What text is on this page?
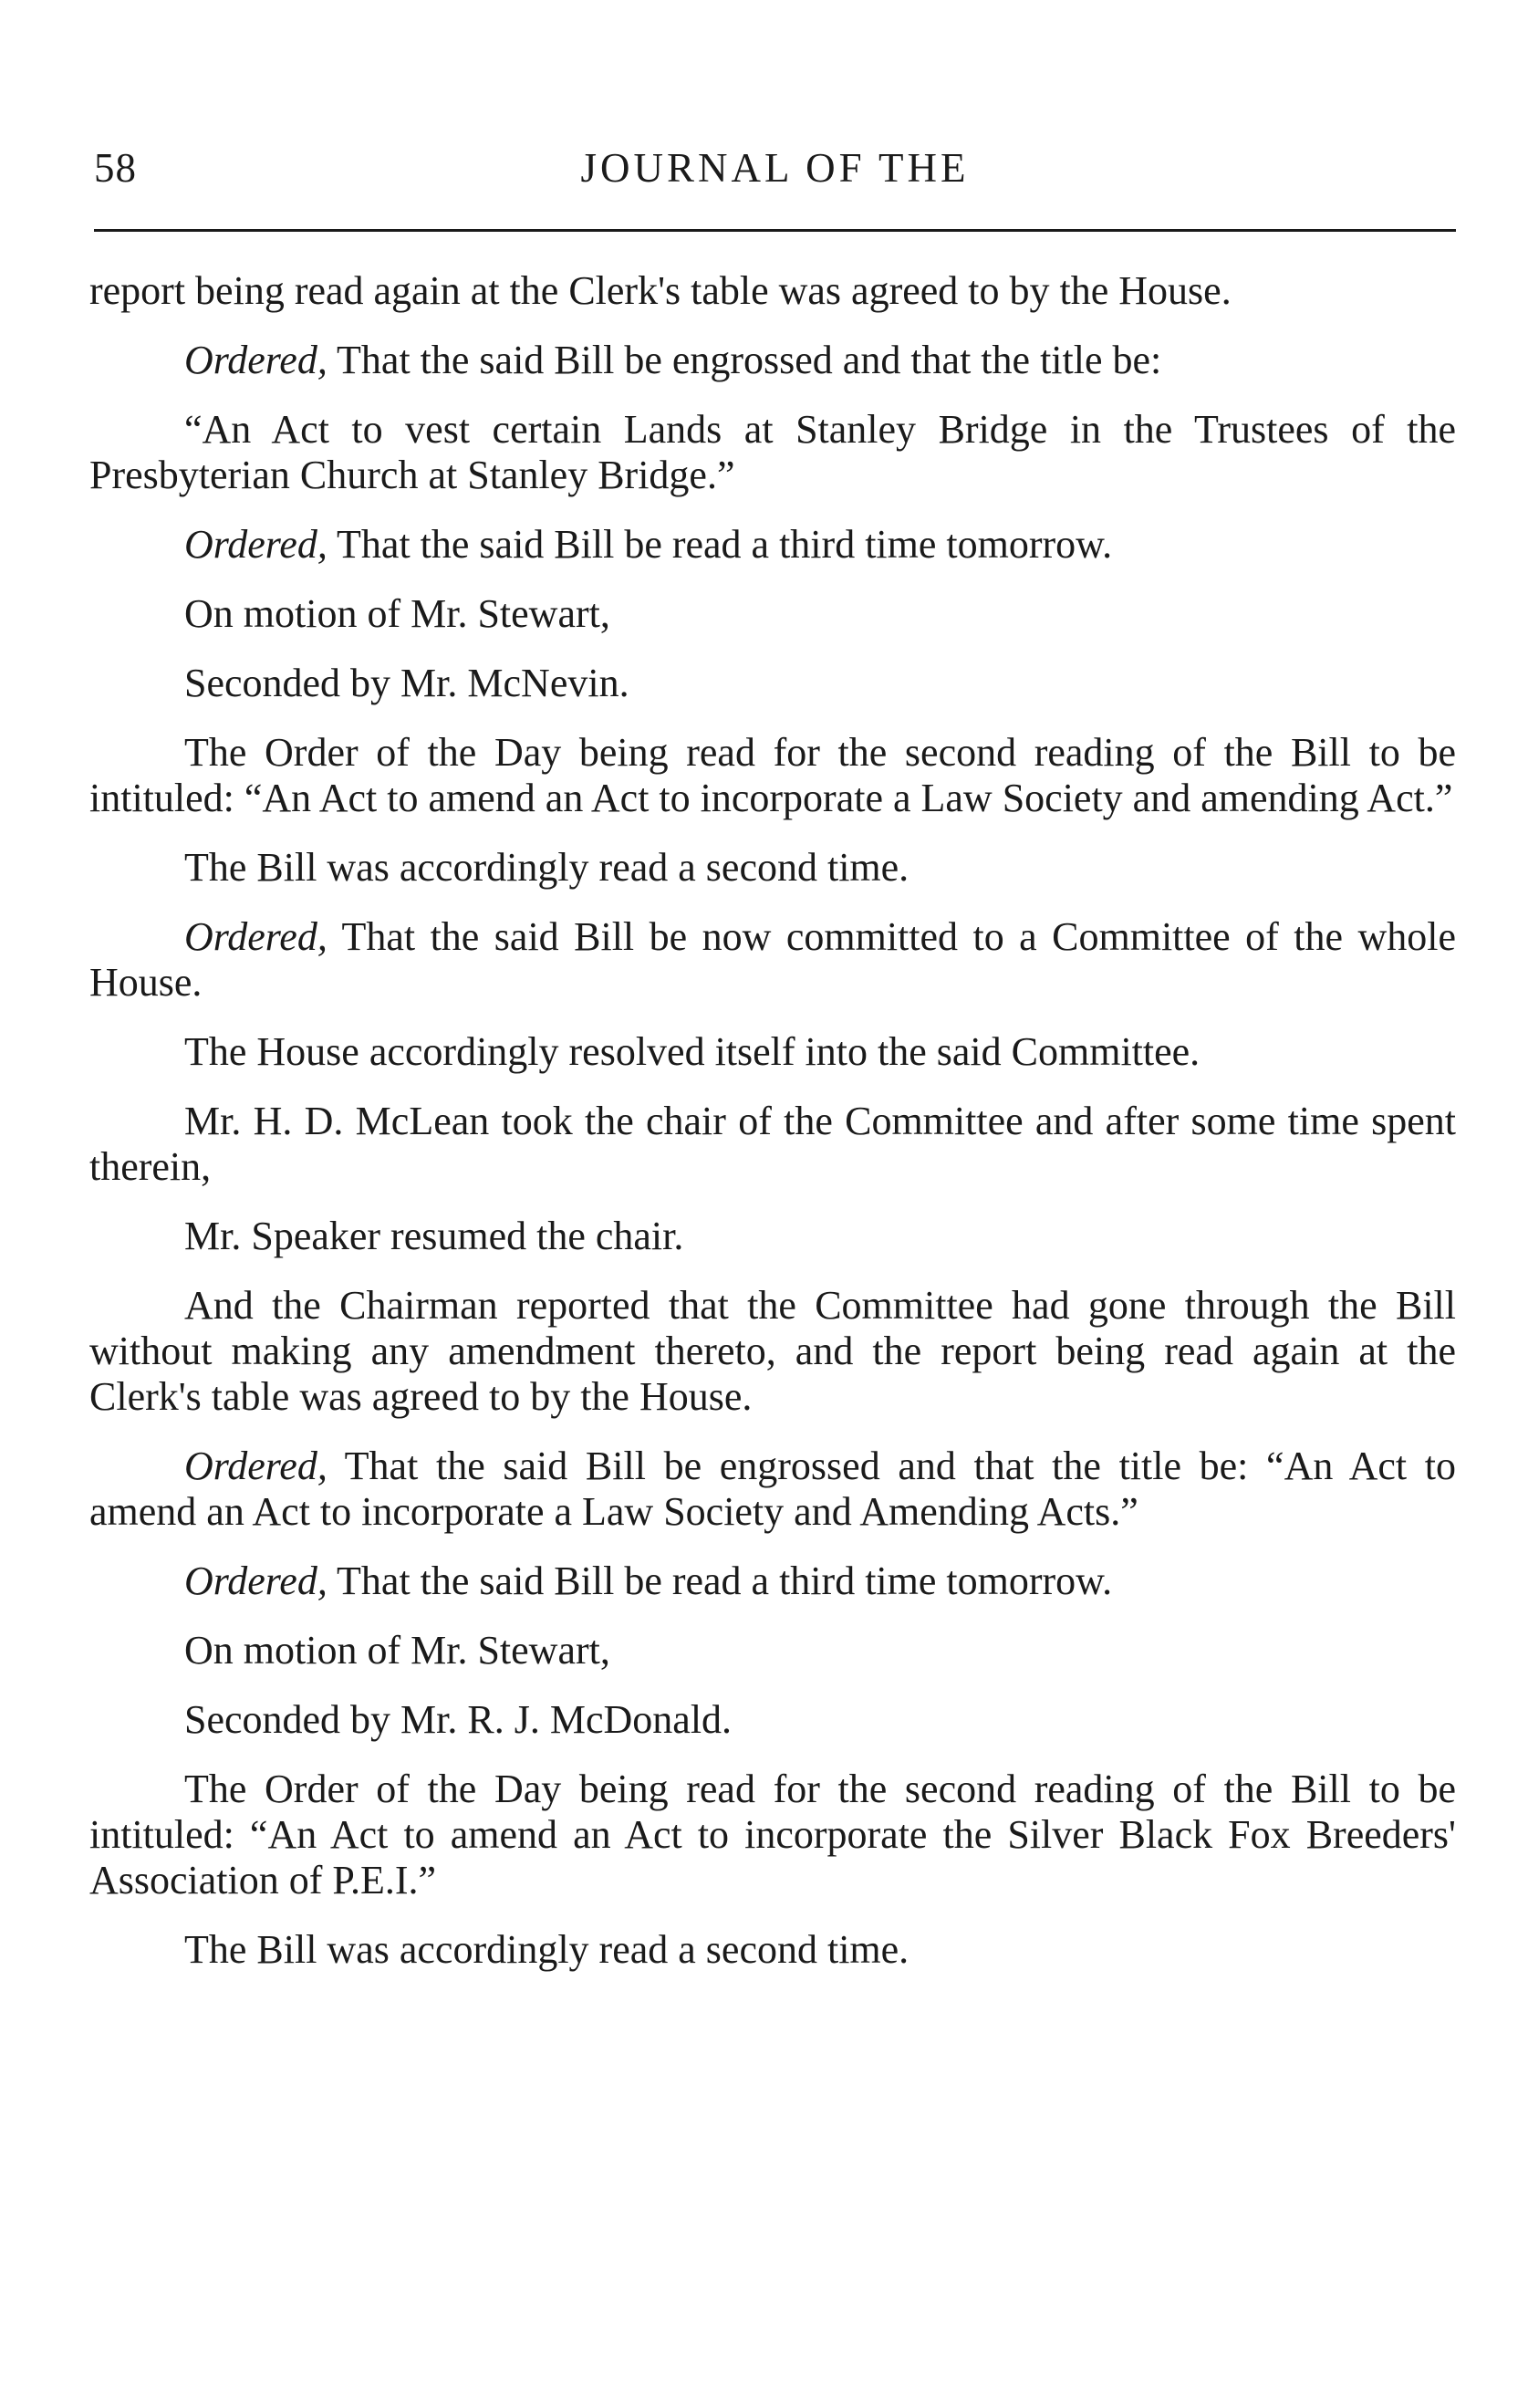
58	JOURNAL OF THE

report being read again at the Clerk's table was agreed to by the House.

Ordered, That the said Bill be engrossed and that the title be:

“An Act to vest certain Lands at Stanley Bridge in the Trustees of the Presbyterian Church at Stanley Bridge.”

Ordered, That the said Bill be read a third time tomorrow.

On motion of Mr. Stewart,

Seconded by Mr. McNevin.

The Order of the Day being read for the second reading of the Bill to be intituled: “An Act to amend an Act to incorporate a Law Society and amending Act.”

The Bill was accordingly read a second time.

Ordered, That the said Bill be now committed to a Committee of the whole House.

The House accordingly resolved itself into the said Committee.

Mr. H. D. McLean took the chair of the Committee and after some time spent therein,

Mr. Speaker resumed the chair.

And the Chairman reported that the Committee had gone through the Bill without making any amendment thereto, and the report being read again at the Clerk's table was agreed to by the House.

Ordered, That the said Bill be engrossed and that the title be: “An Act to amend an Act to incorporate a Law Society and Amending Acts.”

Ordered, That the said Bill be read a third time tomorrow.

On motion of Mr. Stewart,

Seconded by Mr. R. J. McDonald.

The Order of the Day being read for the second reading of the Bill to be intituled: “An Act to amend an Act to incorporate the Silver Black Fox Breeders' Association of P.E.I.”

The Bill was accordingly read a second time.
